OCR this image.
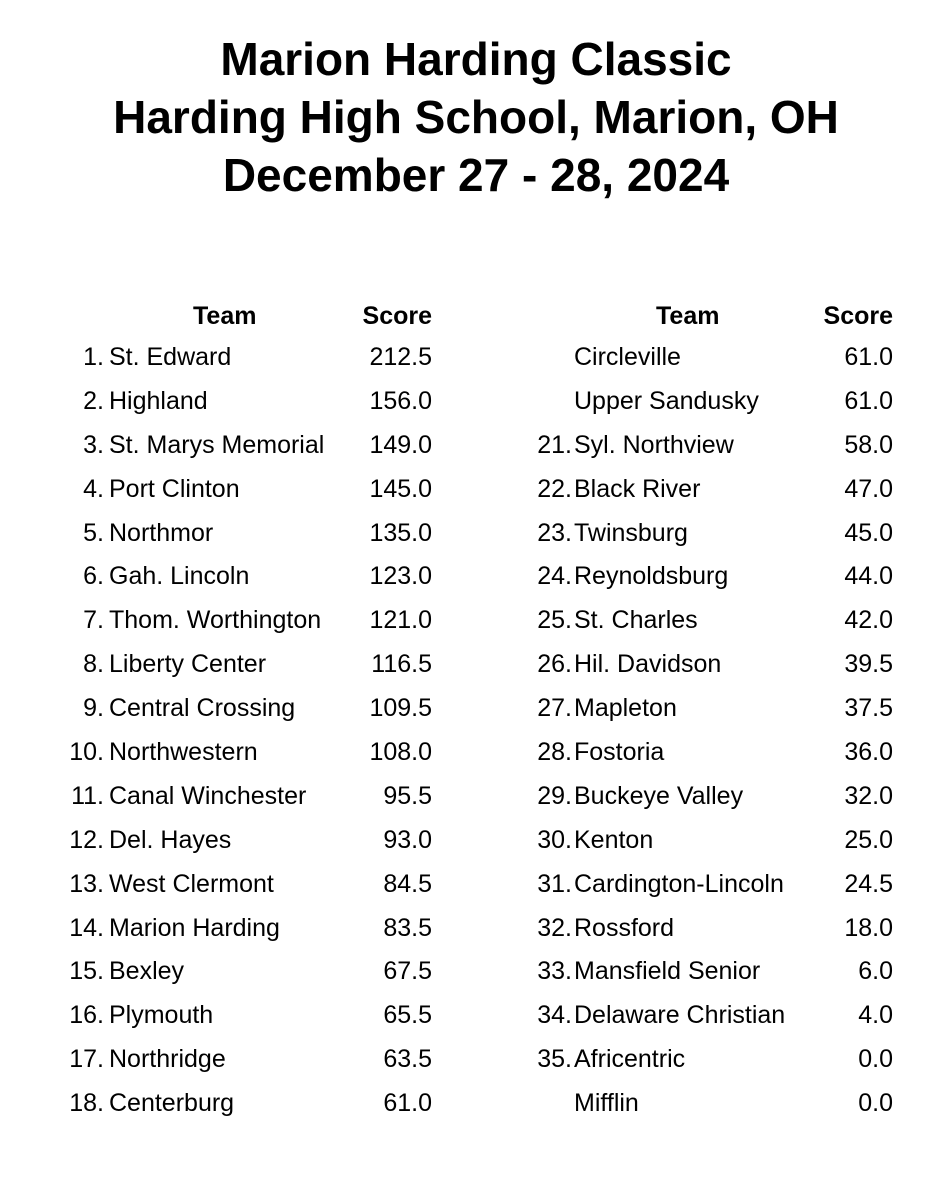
Marion Harding Classic
Harding High School, Marion, OH
December 27 - 28, 2024
Team	Score
1. St. Edward	212.5
2. Highland	156.0
3. St. Marys Memorial 149.0
4. Port Clinton	145.0
5. Northmor	135.0
6. Gah. Lincoln	123.0
7. Thom. Worthington 121.0
8. Liberty Center	116.5
9. Central Crossing	109.5
10. Northwestern	108.0
11. Canal Winchester	95.5
12. Del. Hayes	93.0
13. West Clermont	84.5
14. Marion Harding	83.5
15. Bexley	67.5
16. Plymouth	65.5
17. Northridge	63.5
18. Centerburg	61.0
Team	Score
Circleville	61.0
Upper Sandusky	61.0
21. Syl. Northview	58.0
22. Black River	47.0
23. Twinsburg	45.0
24. Reynoldsburg	44.0
25. St. Charles	42.0
26. Hil. Davidson	39.5
27. Mapleton	37.5
28. Fostoria	36.0
29. Buckeye Valley	32.0
30. Kenton	25.0
31. Cardington-Lincoln 24.5
32. Rossford	18.0
33. Mansfield Senior	6.0
34. Delaware Christian	4.0
35. Africentric	0.0
Mifflin	0.0
